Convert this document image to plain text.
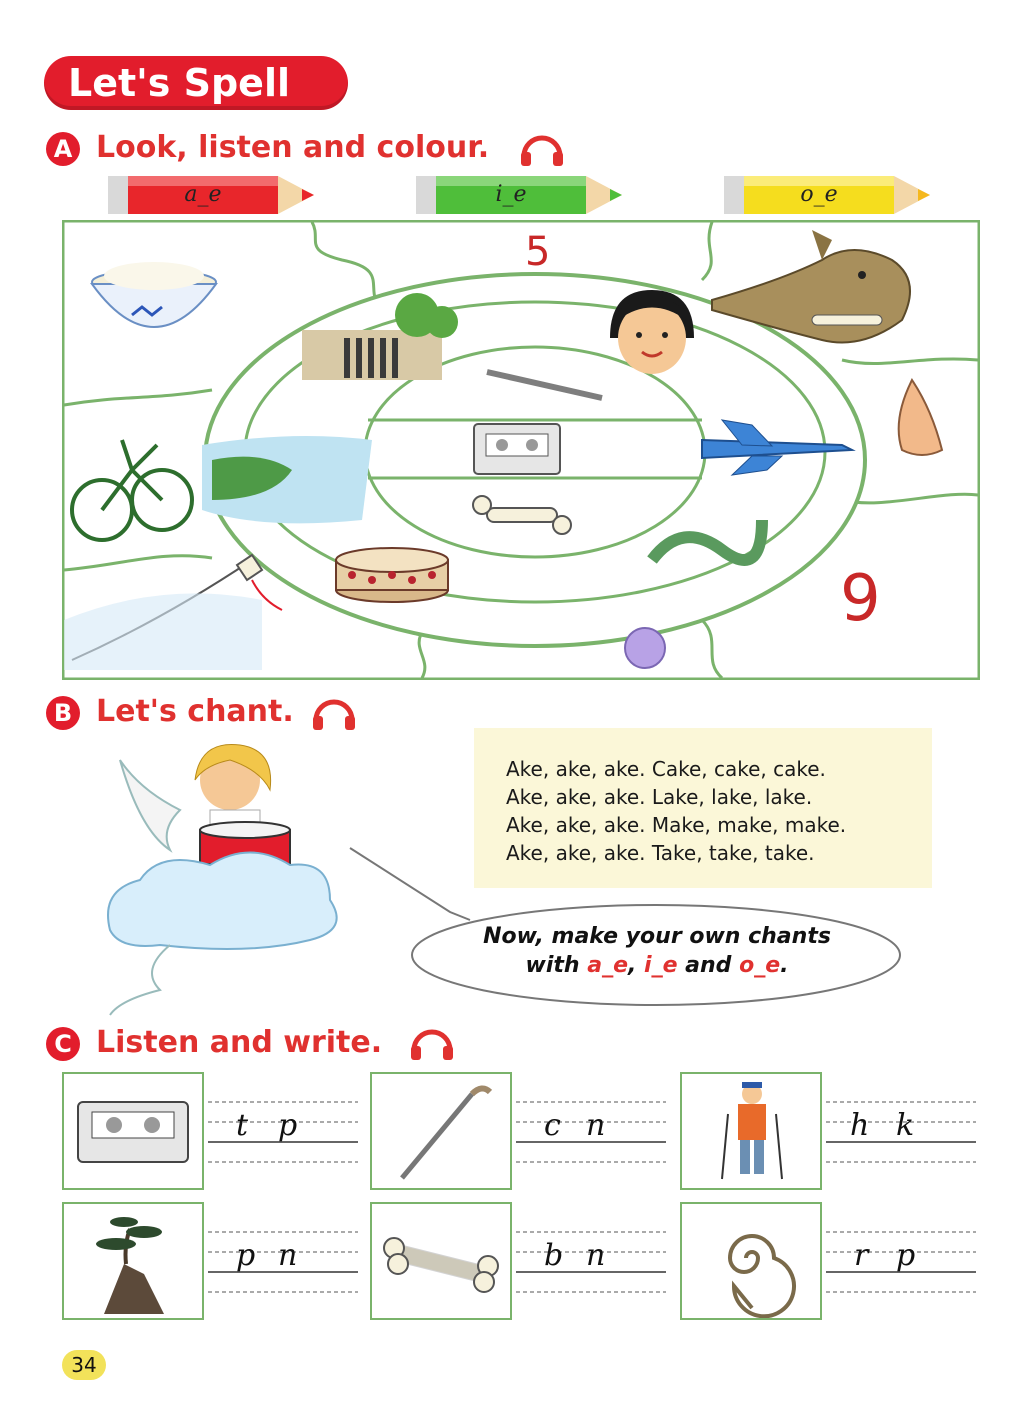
Let's Spell
A Look, listen and colour.
a_e	i_e	o_e
5
9
B Let's chant.
Ake, ake, ake. Cake, cake, cake.
Ake, ake, ake. Lake, lake, lake.
Ake, ake, ake. Make, make, make.
Ake, ake, ake. Take, take, take.
Now, make your own chants
with a_e, i_e and o_e.
C Listen and write.
t p	c n	h k
p n	b n	r p
34
